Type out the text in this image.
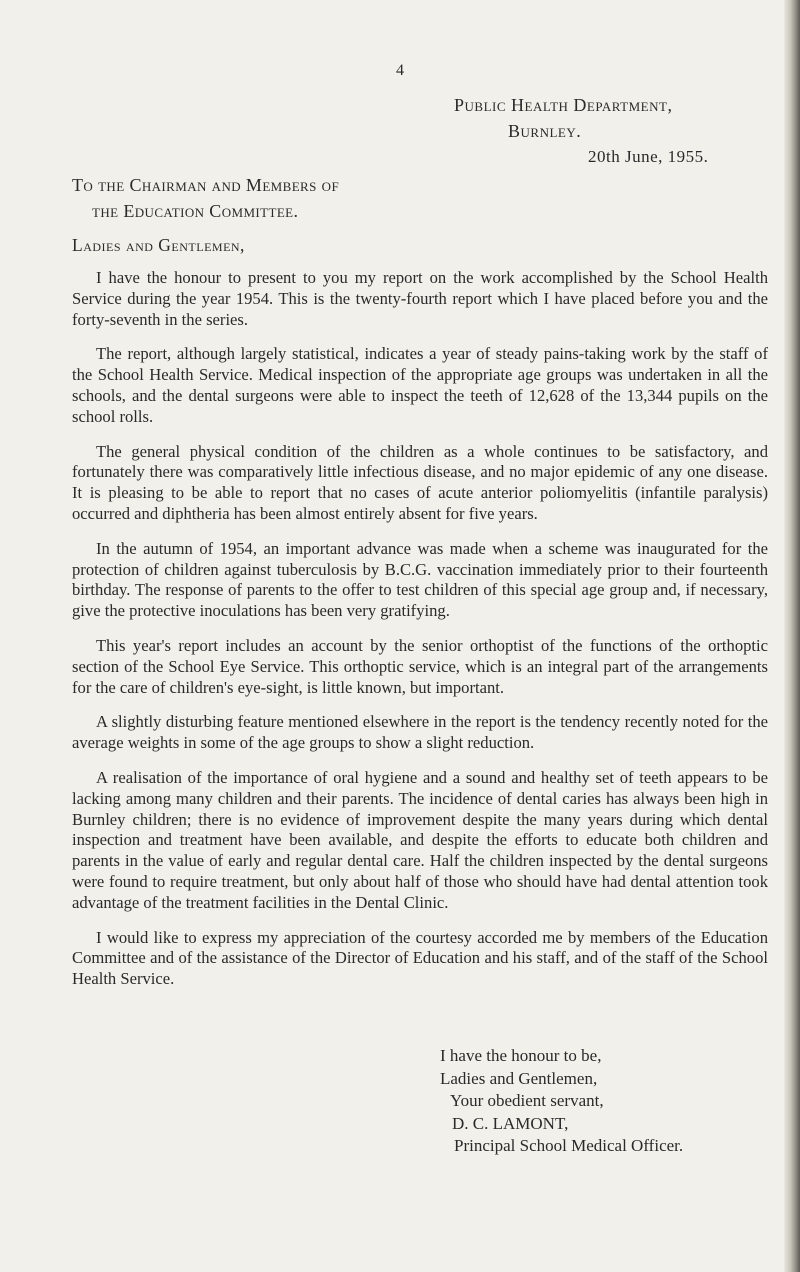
4
Public Health Department,
Burnley.
20th June, 1955.
To the Chairman and Members of
the Education Committee.
Ladies and Gentlemen,

I have the honour to present to you my report on the work accomplished by the School Health Service during the year 1954. This is the twenty-fourth report which I have placed before you and the forty-seventh in the series.

The report, although largely statistical, indicates a year of steady pains-taking work by the staff of the School Health Service. Medical inspection of the appropriate age groups was undertaken in all the schools, and the dental surgeons were able to inspect the teeth of 12,628 of the 13,344 pupils on the school rolls.

The general physical condition of the children as a whole continues to be satisfactory, and fortunately there was comparatively little infectious disease, and no major epidemic of any one disease. It is pleasing to be able to report that no cases of acute anterior poliomyelitis (infantile paralysis) occurred and diphtheria has been almost entirely absent for five years.

In the autumn of 1954, an important advance was made when a scheme was inaugurated for the protection of children against tuberculosis by B.C.G. vaccination immediately prior to their fourteenth birthday. The response of parents to the offer to test children of this special age group and, if necessary, give the protective inoculations has been very gratifying.

This year's report includes an account by the senior orthoptist of the functions of the orthoptic section of the School Eye Service. This orthoptic service, which is an integral part of the arrangements for the care of children's eye-sight, is little known, but important.

A slightly disturbing feature mentioned elsewhere in the report is the tendency recently noted for the average weights in some of the age groups to show a slight reduction.

A realisation of the importance of oral hygiene and a sound and healthy set of teeth appears to be lacking among many children and their parents. The incidence of dental caries has always been high in Burnley children; there is no evidence of improvement despite the many years during which dental inspection and treatment have been available, and despite the efforts to educate both children and parents in the value of early and regular dental care. Half the children inspected by the dental surgeons were found to require treatment, but only about half of those who should have had dental attention took advantage of the treatment facilities in the Dental Clinic.

I would like to express my appreciation of the courtesy accorded me by members of the Education Committee and of the assistance of the Director of Education and his staff, and of the staff of the School Health Service.

I have the honour to be,
Ladies and Gentlemen,
Your obedient servant,
D. C. LAMONT,
Principal School Medical Officer.
